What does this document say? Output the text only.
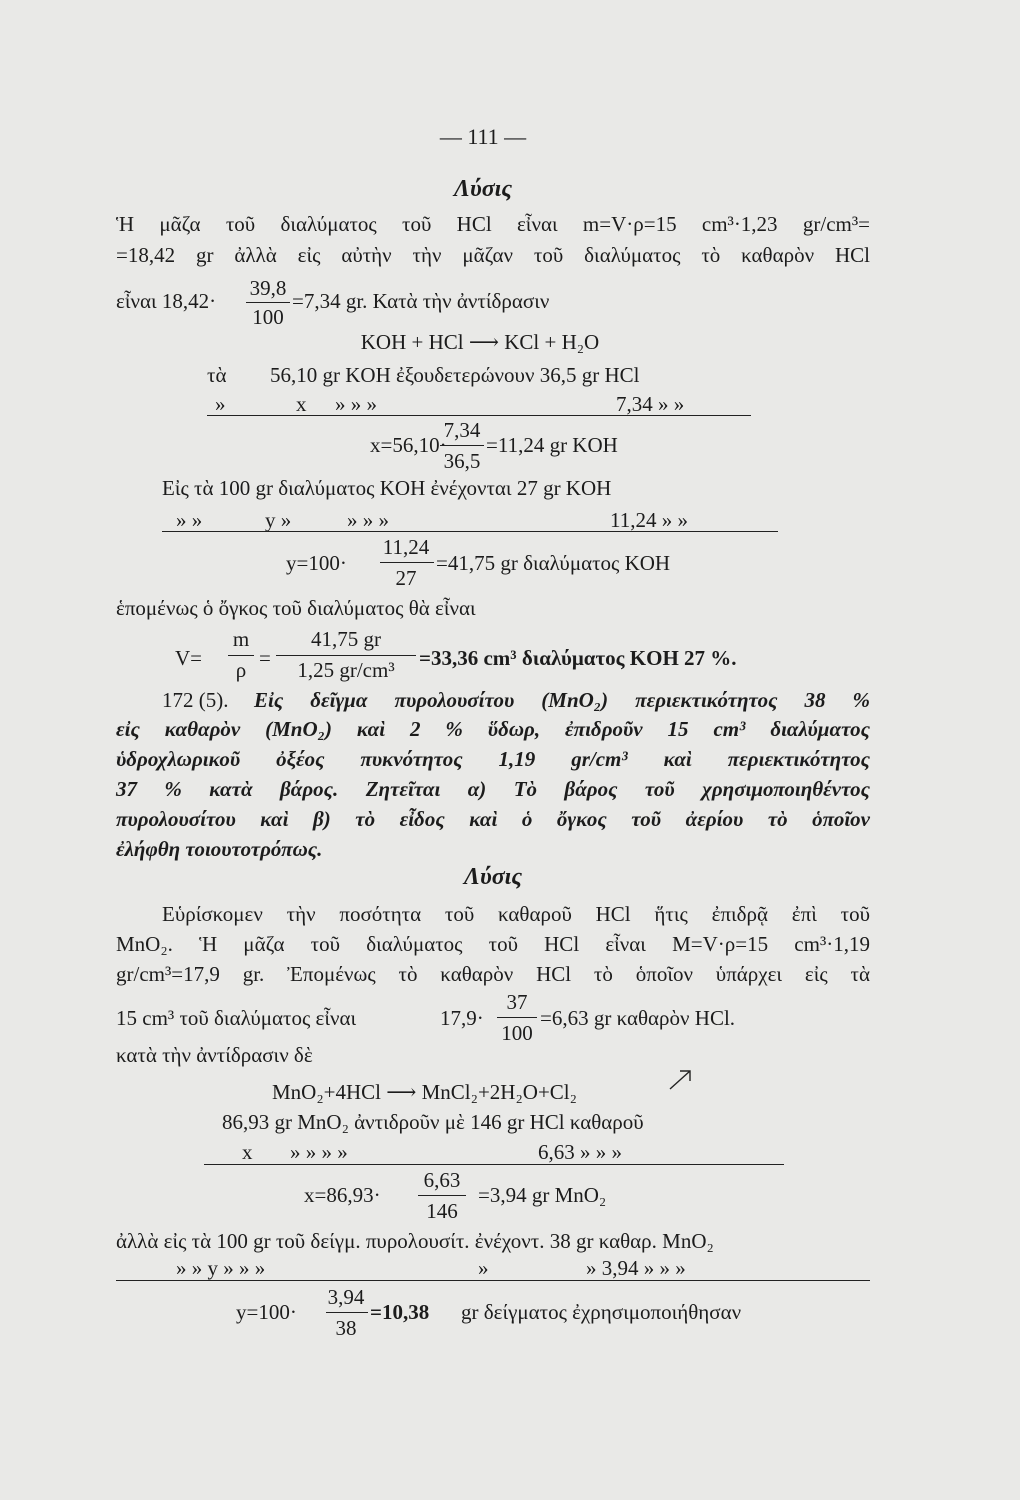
— 111 —
Λύσις
Ἡ μᾶζα τοῦ διαλύματος τοῦ HCl εἶναι m=V·ρ=15 cm³·1,23 gr/cm³=
=18,42 gr ἀλλὰ εἰς αὐτὴν τὴν μᾶζαν τοῦ διαλύματος τὸ καθαρὸν HCl
εἶναι 18,42·
39,8
100
=7,34 gr. Κατὰ τὴν ἀντίδρασιν
KOH + HCl ⟶ KCl + H₂O
τὰ 56,10 gr KOH ἐξουδετερώνουν 36,5 gr HCl
»	x » » »	7,34 » »
x=56,10·
7,34
36,5
=11,24 gr KOH
Εἰς τὰ 100 gr διαλύματος KOH ἐνέχονται 27 gr KOH
» »	y »	» » »	11,24 » »
y=100·
11,24
27
=41,75 gr διαλύματος KOH
ἑπομένως ὁ ὄγκος τοῦ διαλύματος θὰ εἶναι
V=
m
ρ =
41,75 gr
1,25 gr/cm³ =33,36 cm³ διαλύματος KOH 27 %.
172 (5). Εἰς δεῖγμα πυρολουσίτου (MnO₂) περιεκτικότητος 38 %
εἰς καθαρὸν (MnO₂) καὶ 2 % ὕδωρ, ἐπιδροῦν 15 cm³ διαλύματος
ὑδροχλωρικοῦ ὀξέος πυκνότητος 1,19 gr/cm³ καὶ περιεκτικότητος
37 % κατὰ βάρος. Ζητεῖται α) Τὸ βάρος τοῦ χρησιμοποιηθέντος
πυρολουσίτου καὶ β) τὸ εἶδος καὶ ὁ ὄγκος τοῦ ἀερίου τὸ ὁποῖον
ἐλήφθη τοιουτοτρόπως.
Λύσις
Εὑρίσκομεν τὴν ποσότητα τοῦ καθαροῦ HCl ἥτις ἐπιδρᾷ ἐπὶ τοῦ
MnO₂. Ἡ μᾶζα τοῦ διαλύματος τοῦ HCl εἶναι M=V·ρ=15 cm³·1,19
gr/cm³=17,9 gr. Ἐπομένως τὸ καθαρὸν HCl τὸ ὁποῖον ὑπάρχει εἰς τὰ
15 cm³ τοῦ διαλύματος εἶναι	17,9·
37
100
=6,63 gr καθαρὸν HCl.
κατὰ τὴν ἀντίδρασιν δὲ
MnO₂+4HCl ⟶ MnCl₂+2H₂O+Cl₂
86,93 gr MnO₂ ἀντιδροῦν μὲ 146 gr HCl καθαροῦ
x » » » »	6,63 » » »
x=86,93·
6,63
146
=3,94 gr MnO₂
ἀλλὰ εἰς τὰ 100 gr τοῦ δείγμ. πυρολουσίτ. ἐνέχοντ. 38 gr καθαρ. MnO₂
» » y » » »	»	» 3,94 » » »
y=100·
3,94
38
=10,38 gr δείγματος ἐχρησιμοποιήθησαν
